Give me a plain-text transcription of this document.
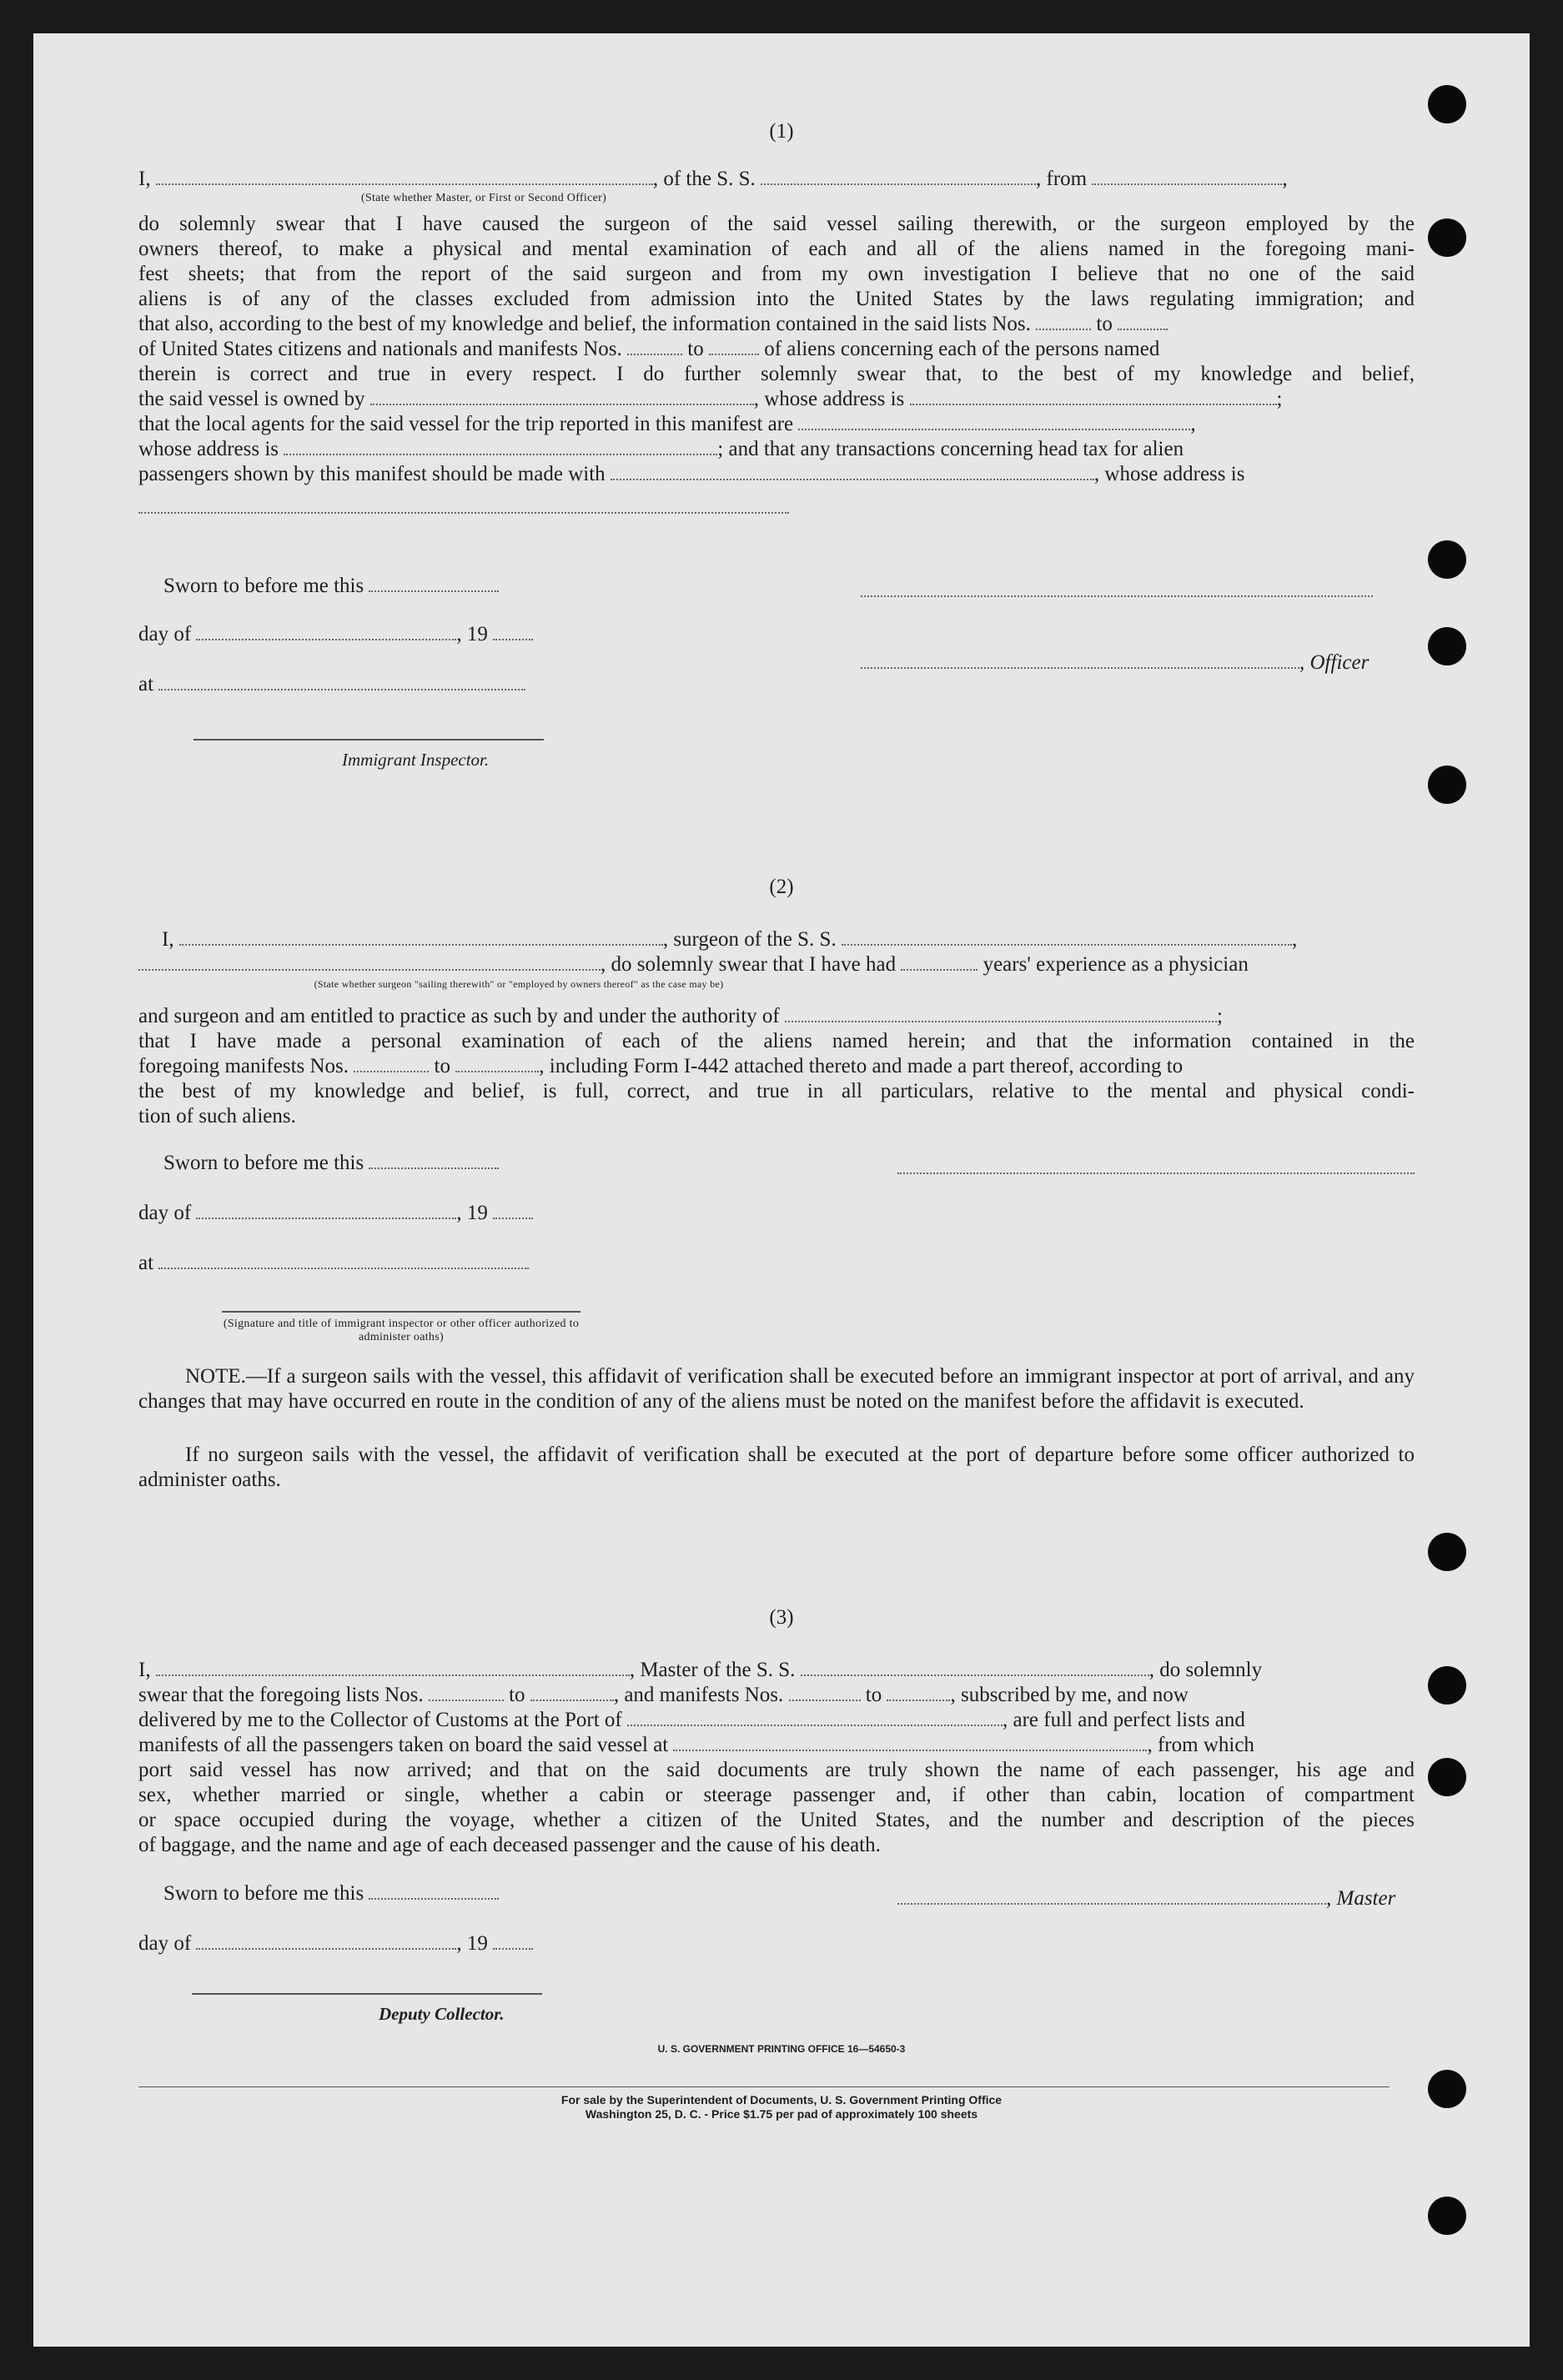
(1)
I,	, of the S. S.	, from	,
(State whether Master, or First or Second Officer)
do solemnly swear that I have caused the surgeon of the said vessel sailing therewith, or the surgeon employed by the
owners thereof, to make a physical and mental examination of each and all of the aliens named in the foregoing mani-
fest sheets; that from the report of the said surgeon and from my own investigation I believe that no one of the said
aliens is of any of the classes excluded from admission into the United States by the laws regulating immigration; and
that also, according to the best of my knowledge and belief, the information contained in the said lists Nos.	to
of United States citizens and nationals and manifests Nos.	to	of aliens concerning each of the persons named
therein is correct and true in every respect. I do further solemnly swear that, to the best of my knowledge and belief,
the said vessel is owned by	, whose address is	;
that the local agents for the said vessel for the trip reported in this manifest are	,
whose address is	; and that any transactions concerning head tax for alien
passengers shown by this manifest should be made with	, whose address is
Sworn to before me this
day of	, 19
, Officer
at
Immigrant Inspector.
(2)
I,	, surgeon of the S. S.	,
, do solemnly swear that I have had	years' experience as a physician
(State whether surgeon "sailing therewith" or "employed by owners thereof" as the case may be)
and surgeon and am entitled to practice as such by and under the authority of	;
that I have made a personal examination of each of the aliens named herein; and that the information contained in the
foregoing manifests Nos.	to	, including Form I-442 attached thereto and made a part thereof, according to
the best of my knowledge and belief, is full, correct, and true in all particulars, relative to the mental and physical condi-
tion of such aliens.
Sworn to before me this
day of	, 19
at
(Signature and title of immigrant inspector or other officer authorized to administer oaths)
NOTE.—If a surgeon sails with the vessel, this affidavit of verification shall be executed before an immigrant inspector at port of arrival, and any changes that may have occurred en route in the condition of any of the aliens must be noted on the manifest before the affidavit is executed.
If no surgeon sails with the vessel, the affidavit of verification shall be executed at the port of departure before some officer authorized to administer oaths.
(3)
I,	, Master of the S. S.	, do solemnly
swear that the foregoing lists Nos.	to	, and manifests Nos.	to	, subscribed by me, and now
delivered by me to the Collector of Customs at the Port of	, are full and perfect lists and
manifests of all the passengers taken on board the said vessel at	, from which
port said vessel has now arrived; and that on the said documents are truly shown the name of each passenger, his age and
sex, whether married or single, whether a cabin or steerage passenger and, if other than cabin, location of compartment
or space occupied during the voyage, whether a citizen of the United States, and the number and description of the pieces
of baggage, and the name and age of each deceased passenger and the cause of his death.
Sworn to before me this	, Master
day of	, 19
Deputy Collector.
U. S. GOVERNMENT PRINTING OFFICE 16—54650-3
For sale by the Superintendent of Documents, U. S. Government Printing Office
Washington 25, D. C. - Price $1.75 per pad of approximately 100 sheets
